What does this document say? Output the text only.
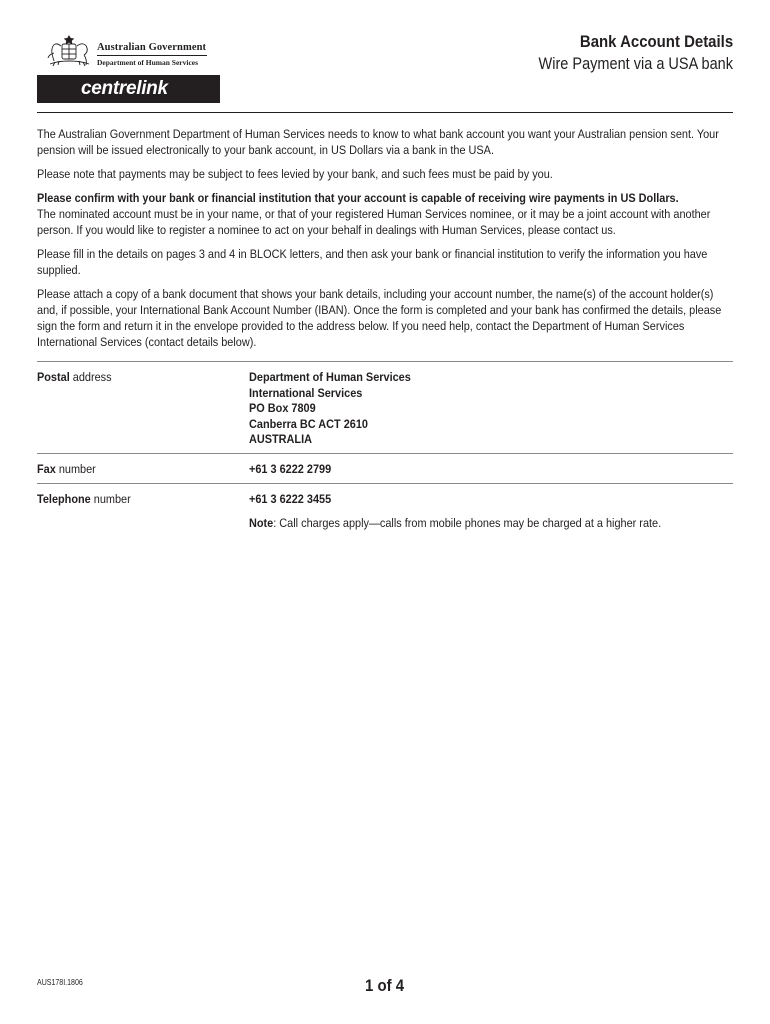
Australian Government
Department of Human Services
centrelink
Bank Account Details
Wire Payment via a USA bank

The Australian Government Department of Human Services needs to know to what bank account you want your Australian pension sent. Your pension will be issued electronically to your bank account, in US Dollars via a bank in the USA.

Please note that payments may be subject to fees levied by your bank, and such fees must be paid by you.

Please confirm with your bank or financial institution that your account is capable of receiving wire payments in US Dollars.
The nominated account must be in your name, or that of your registered Human Services nominee, or it may be a joint account with another person. If you would like to register a nominee to act on your behalf in dealings with Human Services, please contact us.

Please fill in the details on pages 3 and 4 in BLOCK letters, and then ask your bank or financial institution to verify the information you have supplied.

Please attach a copy of a bank document that shows your bank details, including your account number, the name(s) of the account holder(s) and, if possible, your International Bank Account Number (IBAN). Once the form is completed and your bank has confirmed the details, please sign the form and return it in the envelope provided to the address below. If you need help, contact the Department of Human Services International Services (contact details below).

Postal address	Department of Human Services
International Services
PO Box 7809
Canberra BC ACT 2610
AUSTRALIA
Fax number	+61 3 6222 2799
Telephone number	+61 3 6222 3455
Note: Call charges apply—calls from mobile phones may be charged at a higher rate.
AUS178I.1806	1 of 4
